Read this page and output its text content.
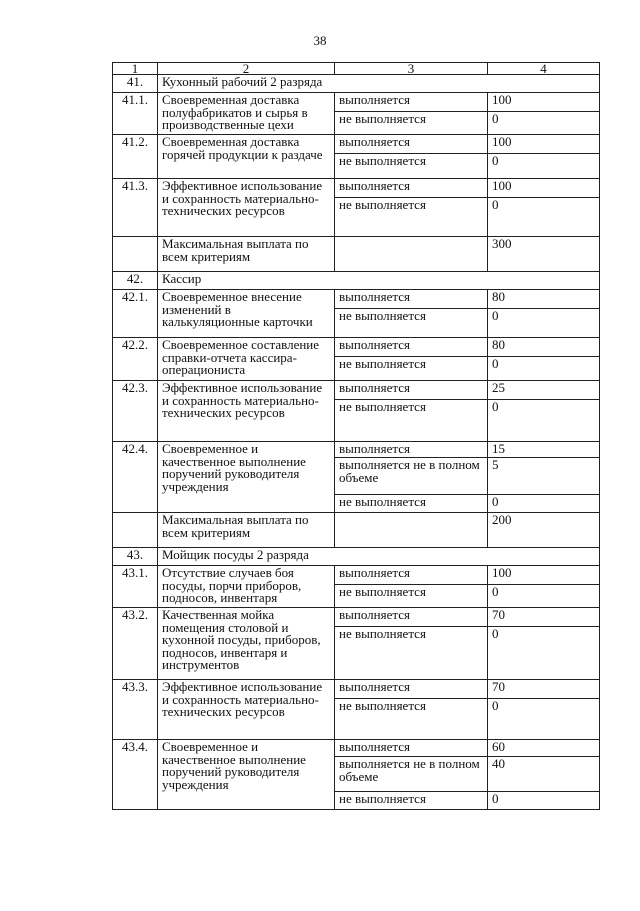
38
1	2	3	4
41.	Кухонный рабочий 2 разряда		
41.1.	Своевременная доставка полуфабрикатов и сырья в производственные цехи	выполняется	100
		не выполняется	0
41.2.	Своевременная доставка горячей продукции к раздаче	выполняется	100
		не выполняется	0
41.3.	Эффективное использование и сохранность материально-технических ресурсов	выполняется	100
		не выполняется	0
	Максимальная выплата по всем критериям		300
42.	Кассир		
42.1.	Своевременное внесение изменений в калькуляционные карточки	выполняется	80
		не выполняется	0
42.2.	Своевременное составление справки-отчета кассира-операциониста	выполняется	80
		не выполняется	0
42.3.	Эффективное использование и сохранность материально-технических ресурсов	выполняется	25
		не выполняется	0
42.4.	Своевременное и качественное выполнение поручений руководителя учреждения	выполняется	15
		выполняется не в полном объеме	5
		не выполняется	0
	Максимальная выплата по всем критериям		200
43.	Мойщик посуды 2 разряда		
43.1.	Отсутствие случаев боя посуды, порчи приборов, подносов, инвентаря	выполняется	100
		не выполняется	0
43.2.	Качественная мойка помещения столовой и кухонной посуды, приборов, подносов, инвентаря и инструментов	выполняется	70
		не выполняется	0
43.3.	Эффективное использование и сохранность материально-технических ресурсов	выполняется	70
		не выполняется	0
43.4.	Своевременное и качественное выполнение поручений руководителя учреждения	выполняется	60
		выполняется не в полном объеме	40
		не выполняется	0
